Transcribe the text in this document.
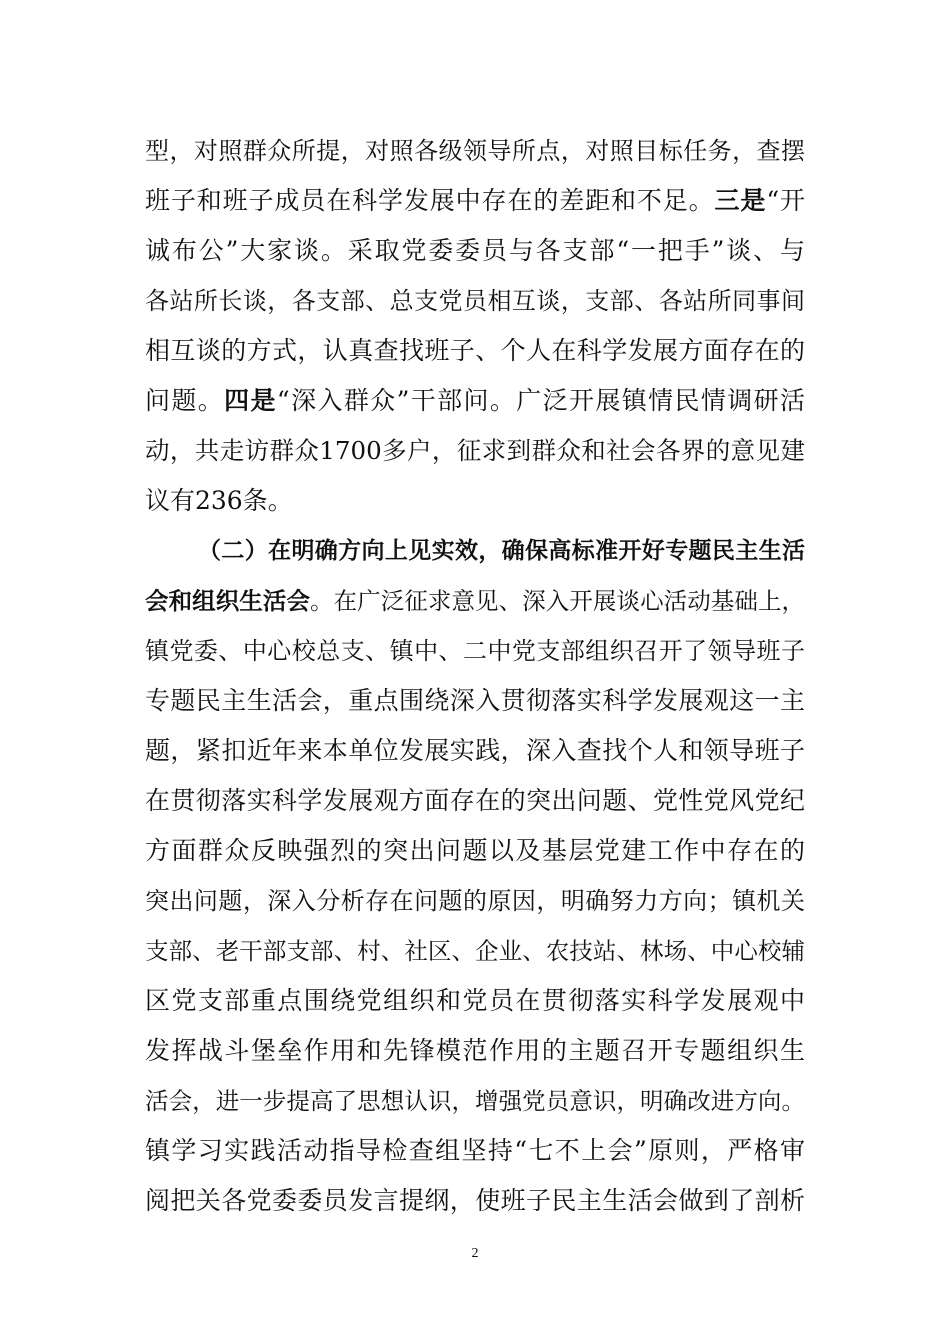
型，对照群众所提，对照各级领导所点，对照目标任务，查摆
班子和班子成员在科学发展中存在的差距和不足。三是“开
诚布公”大家谈。采取党委委员与各支部“一把手”谈、与
各站所长谈，各支部、总支党员相互谈，支部、各站所同事间
相互谈的方式，认真查找班子、个人在科学发展方面存在的
问题。四是“深入群众”干部问。广泛开展镇情民情调研活
动，共走访群众1700多户，征求到群众和社会各界的意见建
议有236条。
（二）在明确方向上见实效，确保高标准开好专题民主生活
会和组织生活会。在广泛征求意见、深入开展谈心活动基础上，
镇党委、中心校总支、镇中、二中党支部组织召开了领导班子
专题民主生活会，重点围绕深入贯彻落实科学发展观这一主
题，紧扣近年来本单位发展实践，深入查找个人和领导班子
在贯彻落实科学发展观方面存在的突出问题、党性党风党纪
方面群众反映强烈的突出问题以及基层党建工作中存在的
突出问题，深入分析存在问题的原因，明确努力方向；镇机关
支部、老干部支部、村、社区、企业、农技站、林场、中心校辅
区党支部重点围绕党组织和党员在贯彻落实科学发展观中
发挥战斗堡垒作用和先锋模范作用的主题召开专题组织生
活会，进一步提高了思想认识，增强党员意识，明确改进方向。
镇学习实践活动指导检查组坚持“七不上会”原则，严格审
阅把关各党委委员发言提纲，使班子民主生活会做到了剖析
2
